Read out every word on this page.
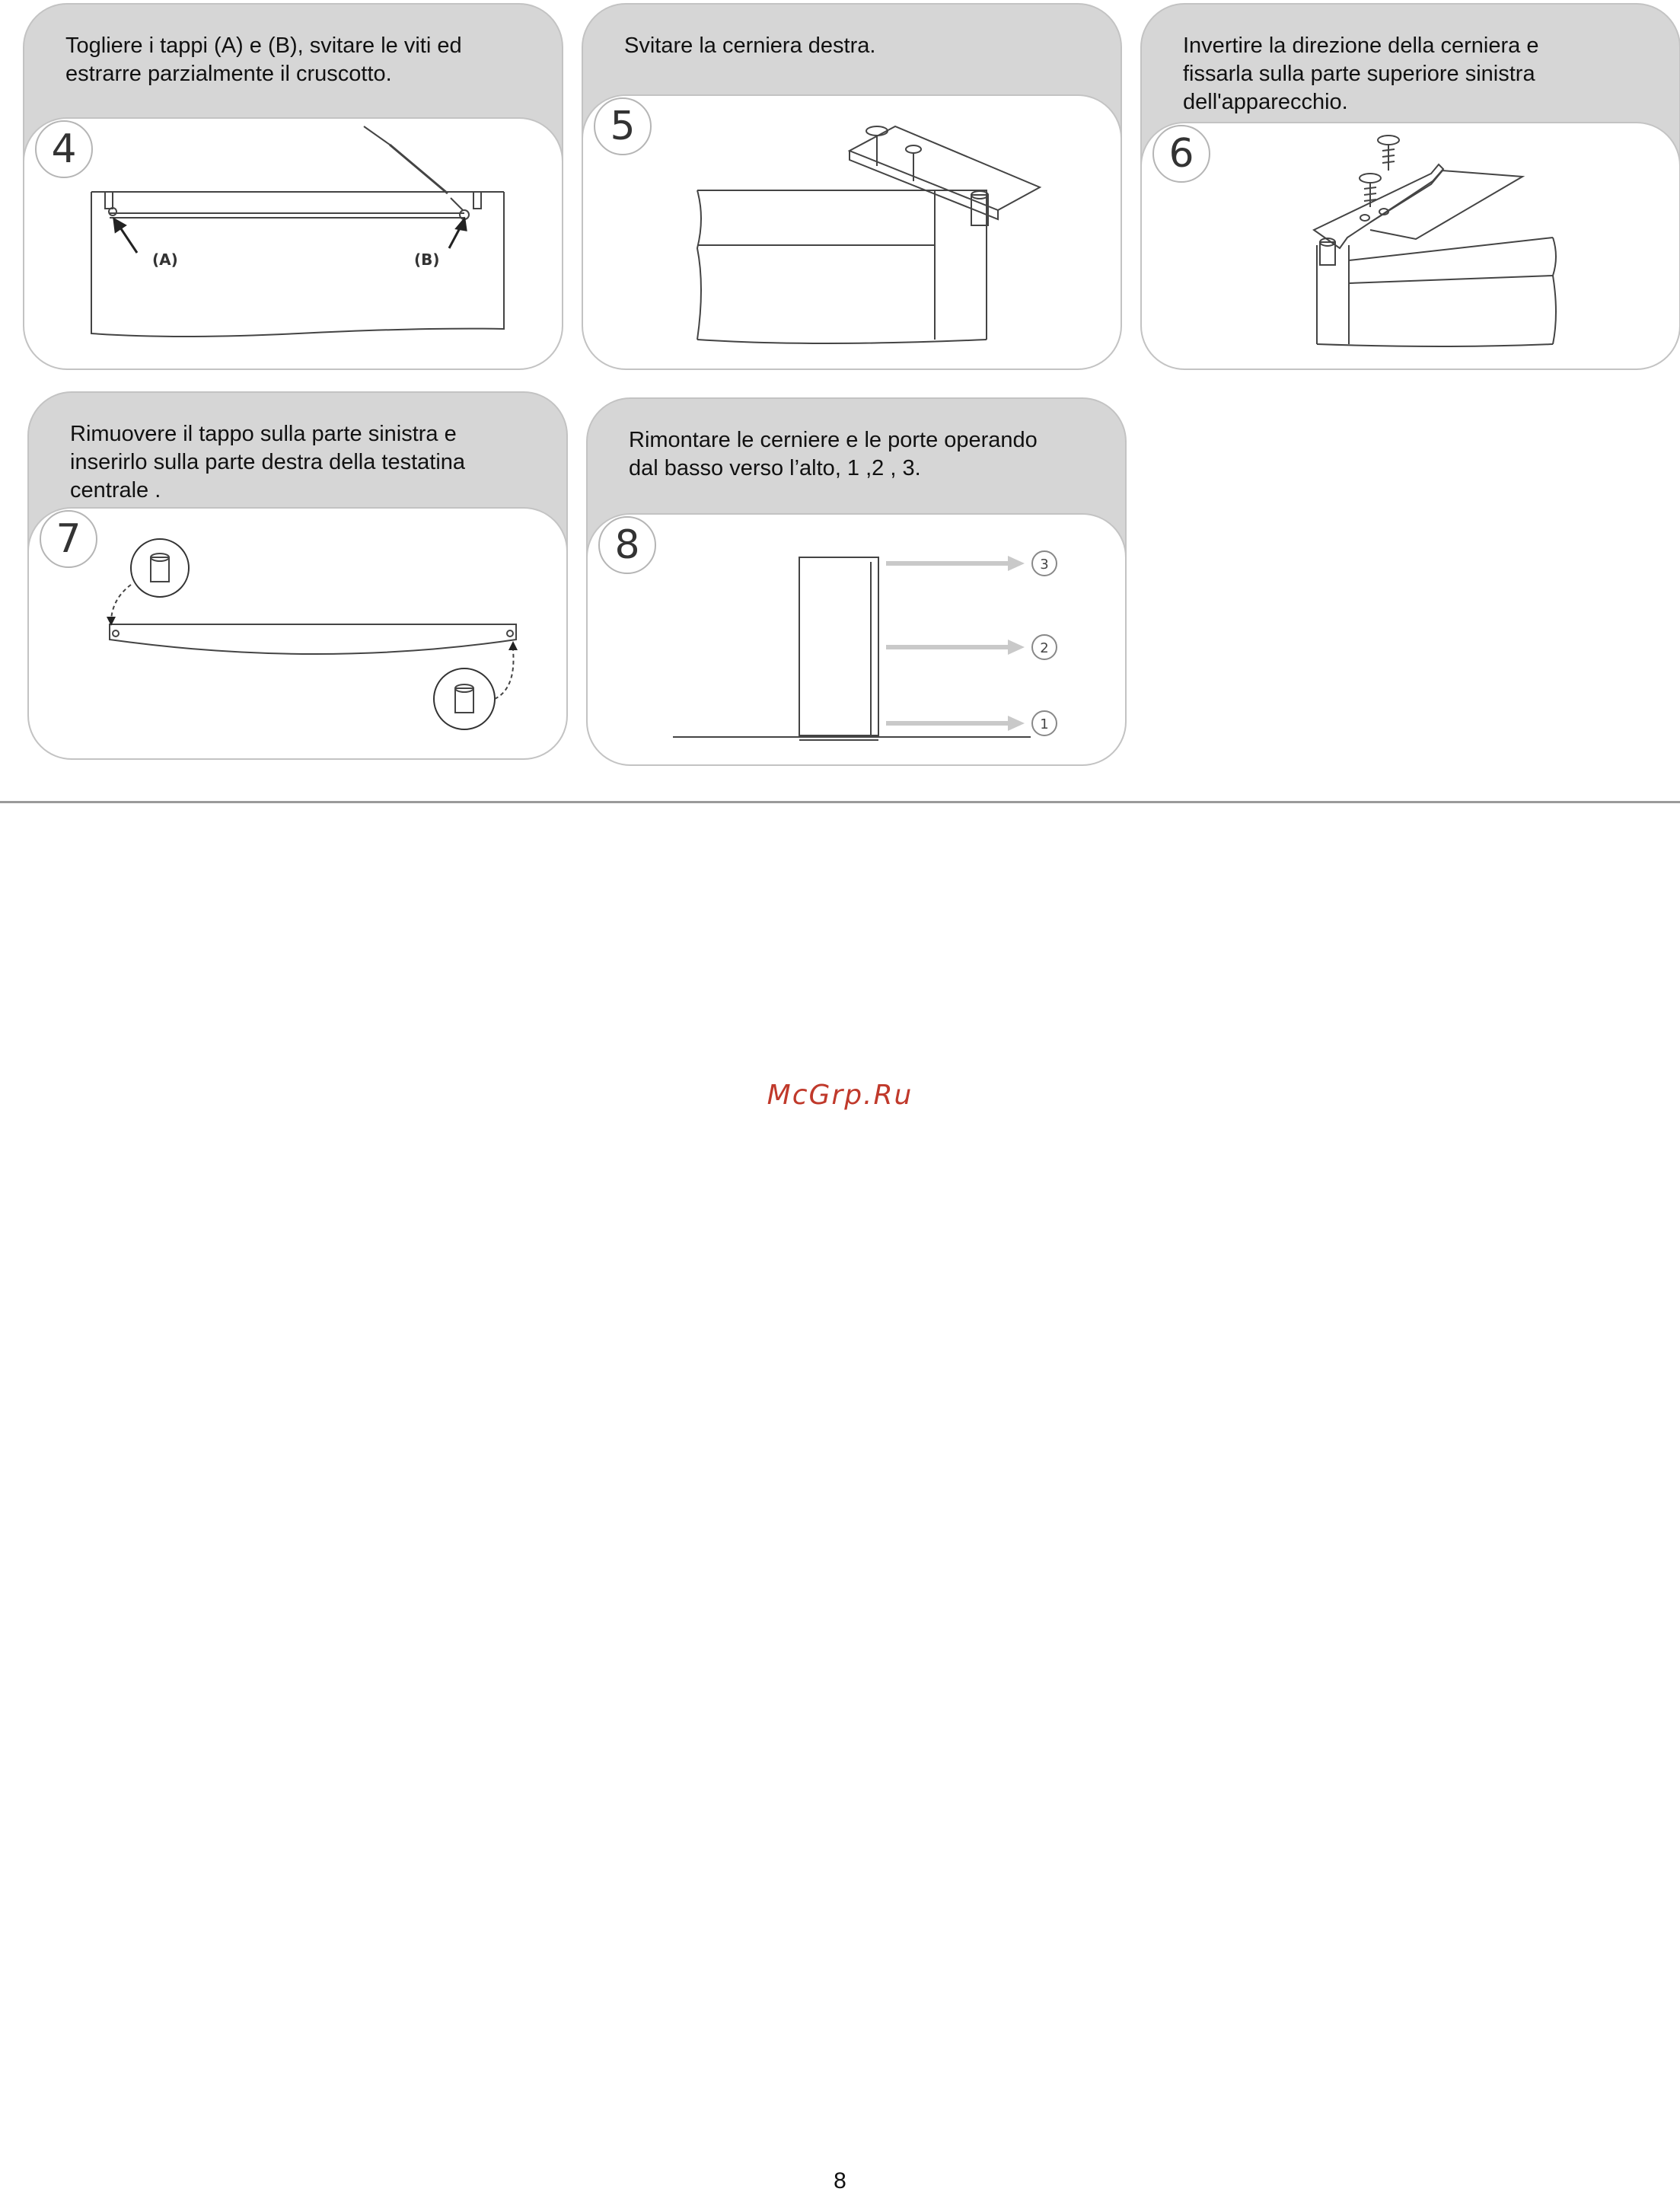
Togliere i tappi (A) e (B), svitare le viti ed
estrarre parzialmente il cruscotto.
4
(A)	(B)
Svitare la cerniera destra.
5
Invertire la direzione della cerniera e
fissarla sulla parte superiore sinistra
dell'apparecchio.
6
Rimuovere il tappo sulla parte sinistra e
inserirlo sulla parte destra della testatina
centrale .
7
Rimontare le cerniere e le porte operando
dal basso verso l’alto, 1 ,2 , 3.
8	3
2
1
McGrp.Ru
8
